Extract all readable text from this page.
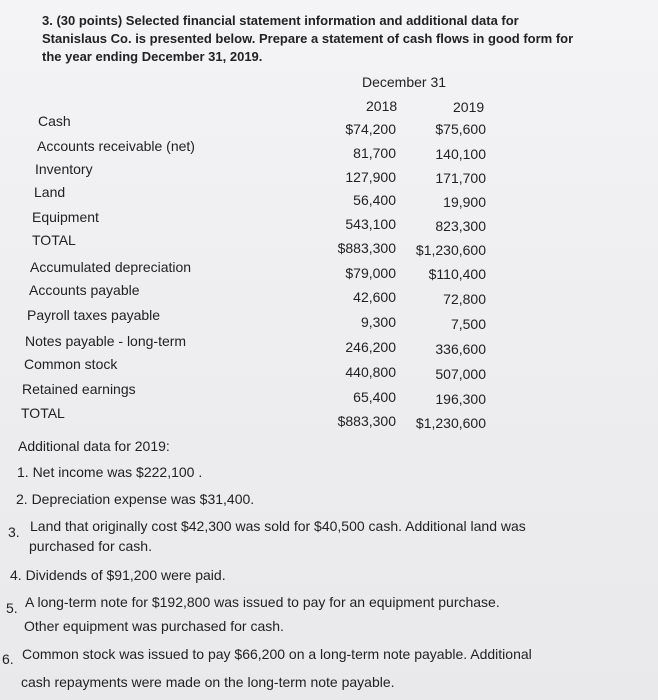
3. (30 points) Selected financial statement information and additional data for
Stanislaus Co. is presented below. Prepare a statement of cash flows in good form for
the year ending December 31, 2019.
December 31
2018	2019
Cash
Accounts receivable (net)
Inventory
Land
Equipment
TOTAL
Accumulated depreciation
Accounts payable
Payroll taxes payable
Notes payable - long-term
Common stock
Retained earnings
TOTAL
$74,200
81,700
127,900
56,400
543,100
$883,300
$79,000
42,600
9,300
246,200
440,800
65,400
$883,300
$75,600
140,100
171,700
19,900
823,300
$1,230,600
$110,400
72,800
7,500
336,600
507,000
196,300
$1,230,600
Additional data for 2019:
1. Net income was $222,100 .
2. Depreciation expense was $31,400.
3. Land that originally cost $42,300 was sold for $40,500 cash. Additional land was
purchased for cash.
4. Dividends of $91,200 were paid.
5. A long-term note for $192,800 was issued to pay for an equipment purchase.
Other equipment was purchased for cash.
6. Common stock was issued to pay $66,200 on a long-term note payable. Additional
cash repayments were made on the long-term note payable.
